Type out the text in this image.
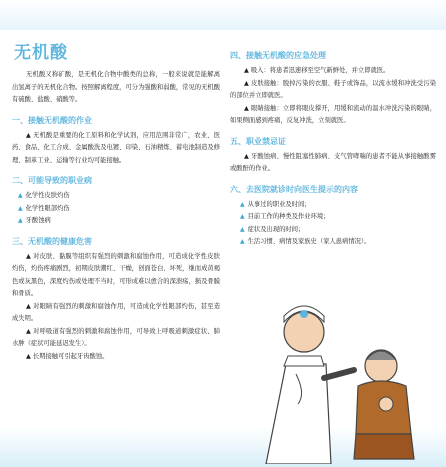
无机酸

无机酸又称矿酸，是无机化合物中酸类的总称，一般来说就是能解离出氢离子的无机化合物。按照解离程度，可分为强酸和弱酸，常见的无机酸有硫酸、盐酸、硝酸等。

一、接触无机酸的作业

▲ 无机酸是重要的化工原料和化学试剂，应用范围非常广，农业、医药、食品、化工合成、金属酸洗及电镀、印染、石油精炼、蓄电池制造及修理、制革工业、运输等行业均可能接触。

二、可能导致的职业病
▲ 化学性皮肤灼伤
▲ 化学性眼部灼伤
▲ 牙酸蚀病
三、无机酸的健康危害

▲ 对皮肤、黏膜等组织有强烈的刺激和腐蚀作用，可造成化学性皮肤灼伤，灼伤疼痛剧烈，初期皮肤潮红、干燥，创面苍白、坏死，继而成黄褐色或灰黑色，深度灼伤或处理不当时，可形成难以愈合的深溃疡，损及骨膜和骨质。

▲ 对眼睛有强烈的刺激和腐蚀作用，可造成化学性眼部灼伤，甚至造成失明。

▲ 对呼吸道有强烈的刺激和腐蚀作用，可导致上呼吸道刺激症状、肺水肿（症状可能延迟发生）。

▲ 长期接触可引起牙齿酸蚀。

四、接触无机酸的应急处理

▲ 吸入：将患者迅速移至空气新鲜处，并立即就医。

▲ 皮肤接触：脱掉污染的衣服、鞋子或饰品，以流水缓和冲洗受污染的部位并立即就医。

▲ 眼睛接触：立即将眼皮撑开，用缓和流动的温水冲洗污染的眼睛，如果侧面感到疼痛，反复冲洗，立刻就医。

五、职业禁忌证

▲ 牙酸蚀病、慢性阻塞性肺病、支气管哮喘的患者不能从事接触酸雾或酸酐的作业。

六、去医院就诊时向医生提示的内容
▲ 从事过的职业及时间；
▲ 目前工作的种类及作业环境；
▲ 症状及出现的时间；
▲ 生活习惯、病情及家族史（家人患病情况）。
